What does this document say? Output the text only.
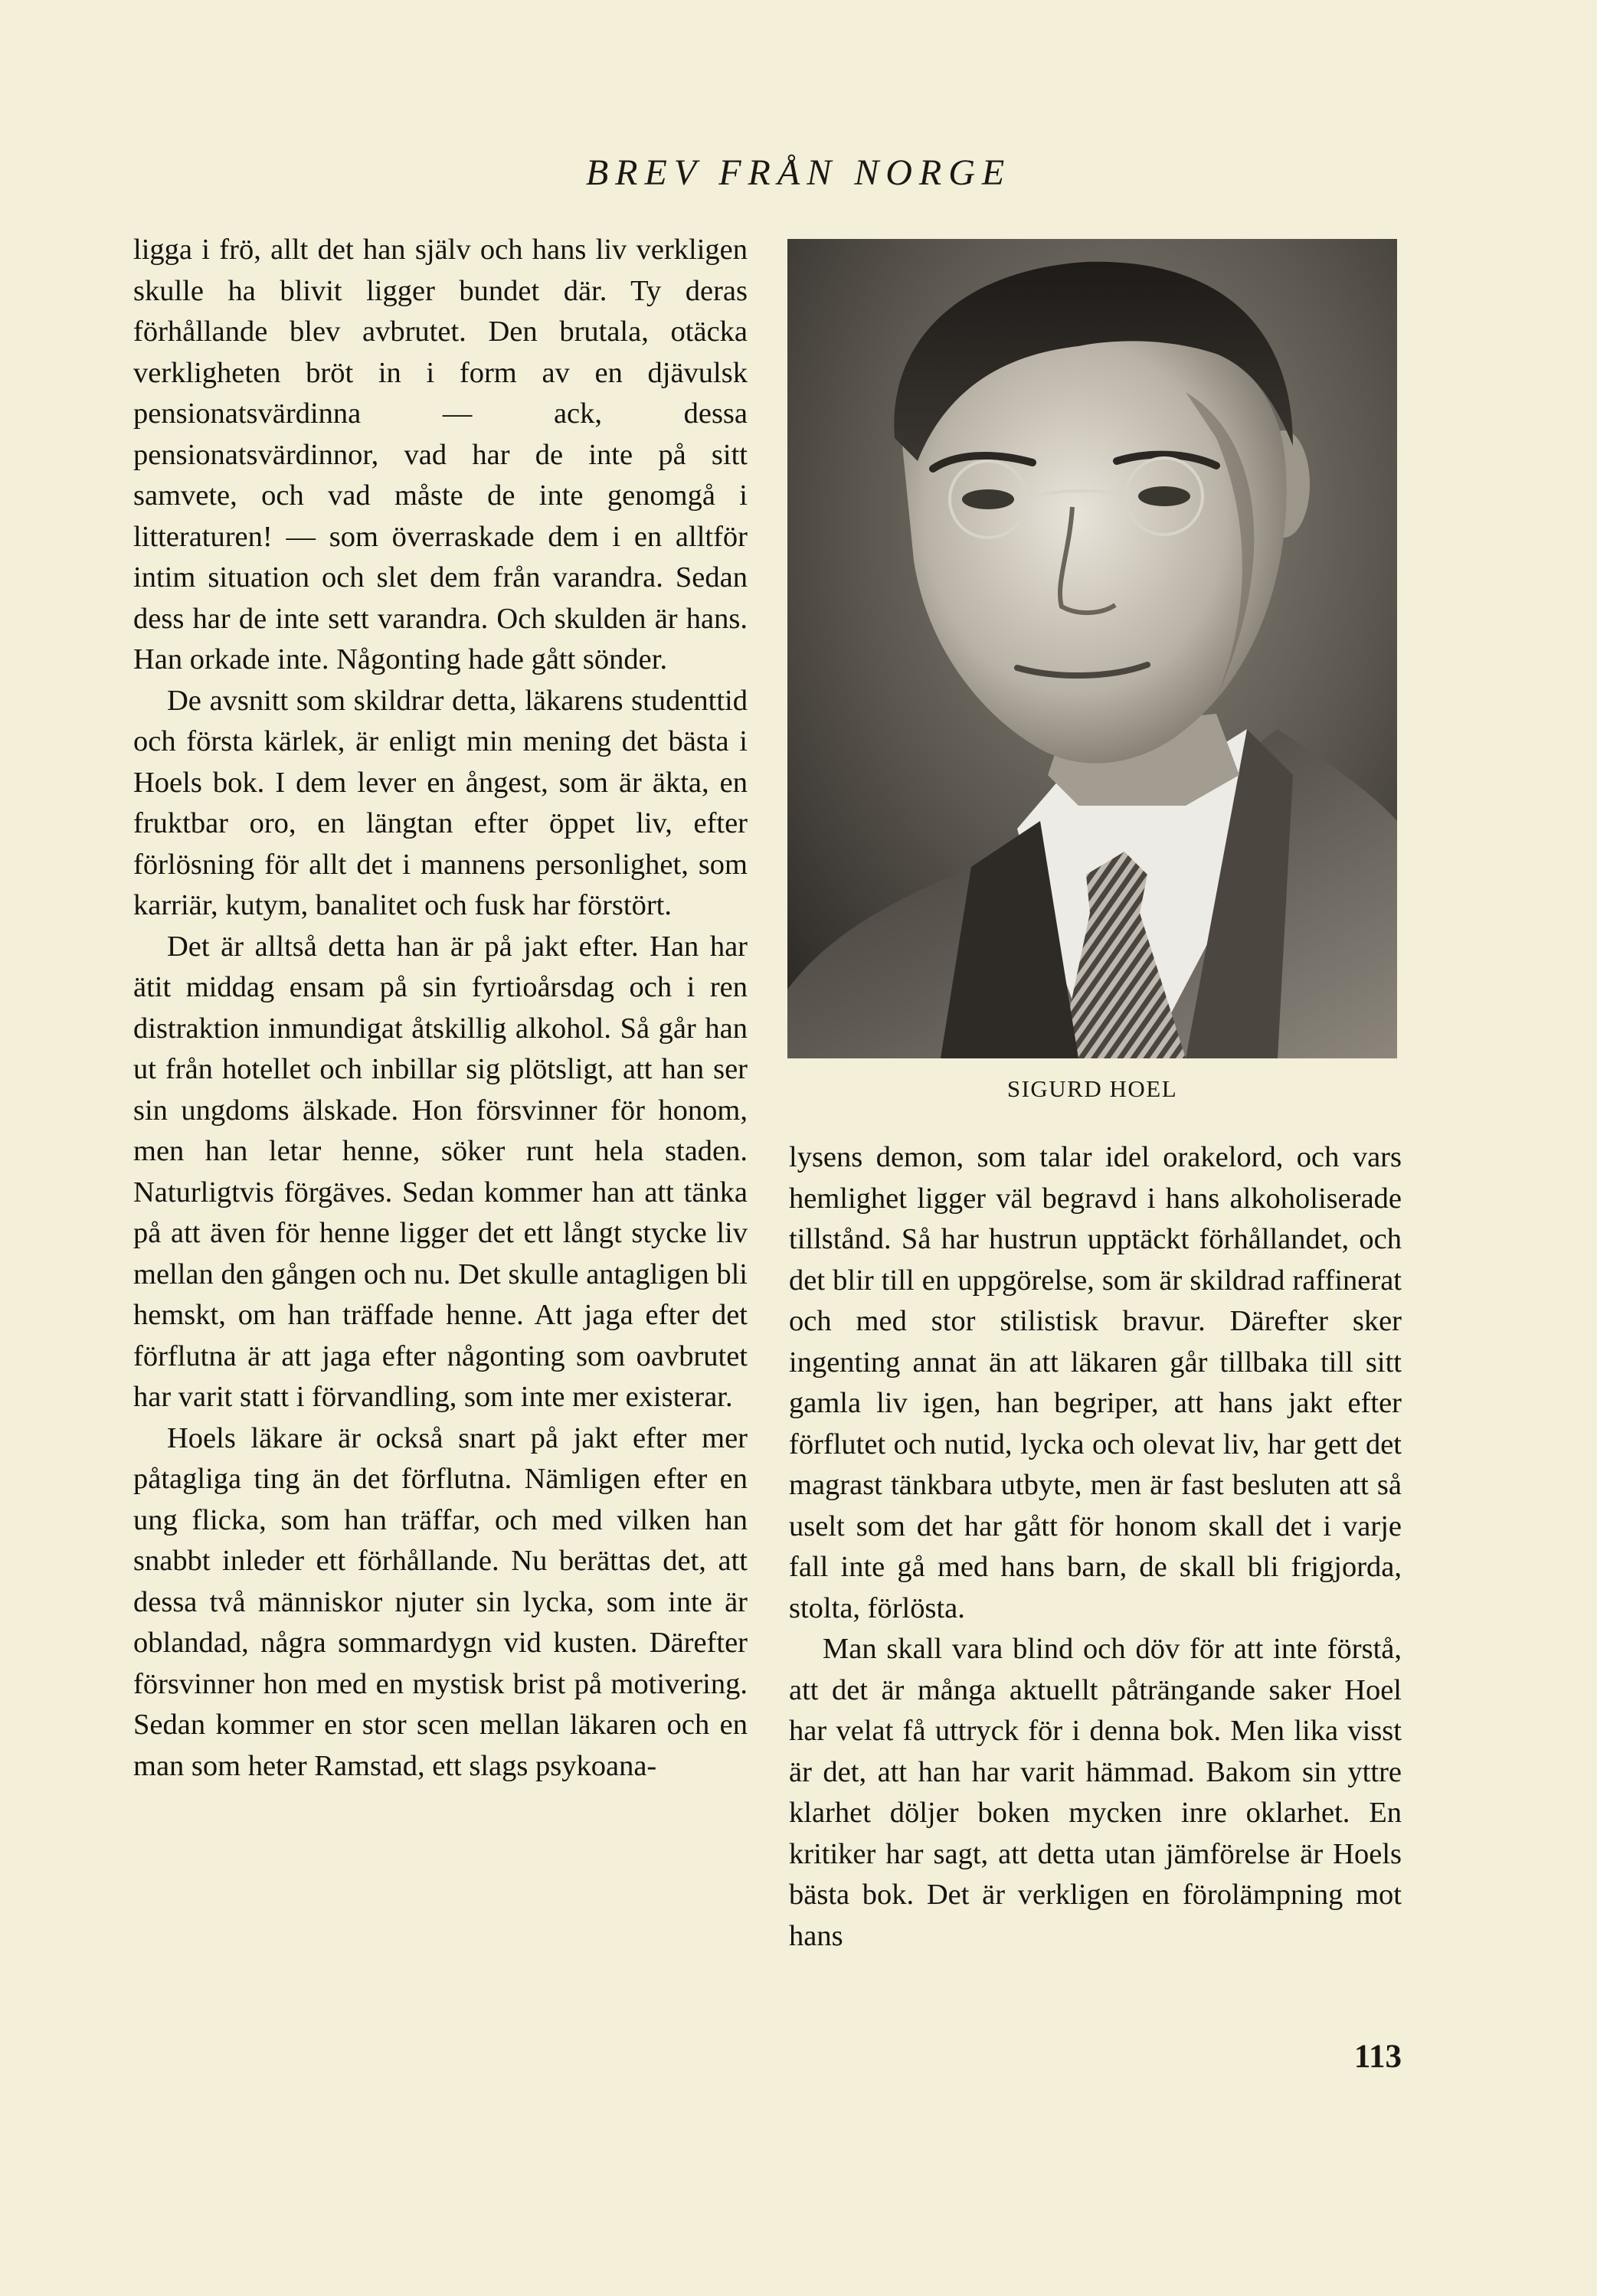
BREV FRÅN NORGE

ligga i frö, allt det han själv och hans liv verkligen skulle ha blivit ligger bundet där. Ty deras förhållande blev avbrutet. Den brutala, otäcka verkligheten bröt in i form av en djävulsk pensionatsvärdinna — ack, dessa pensionatsvärdinnor, vad har de inte på sitt samvete, och vad måste de inte genomgå i litteraturen! — som överraskade dem i en alltför intim situation och slet dem från varandra. Sedan dess har de inte sett varandra. Och skulden är hans. Han orkade inte. Någonting hade gått sönder.

De avsnitt som skildrar detta, läkarens studenttid och första kärlek, är enligt min mening det bästa i Hoels bok. I dem lever en ångest, som är äkta, en fruktbar oro, en längtan efter öppet liv, efter förlösning för allt det i mannens personlighet, som karriär, kutym, banalitet och fusk har förstört.

Det är alltså detta han är på jakt efter. Han har ätit middag ensam på sin fyrtioårsdag och i ren distraktion inmundigat åtskillig alkohol. Så går han ut från hotellet och inbillar sig plötsligt, att han ser sin ungdoms älskade. Hon försvinner för honom, men han letar henne, söker runt hela staden. Naturligtvis förgäves. Sedan kommer han att tänka på att även för henne ligger det ett långt stycke liv mellan den gången och nu. Det skulle antagligen bli hemskt, om han träffade henne. Att jaga efter det förflutna är att jaga efter någonting som oavbrutet har varit statt i förvandling, som inte mer existerar.

Hoels läkare är också snart på jakt efter mer påtagliga ting än det förflutna. Nämligen efter en ung flicka, som han träffar, och med vilken han snabbt inleder ett förhållande. Nu berättas det, att dessa två människor njuter sin lycka, som inte är oblandad, några sommardygn vid kusten. Därefter försvinner hon med en mystisk brist på motivering. Sedan kommer en stor scen mellan läkaren och en man som heter Ramstad, ett slags psykoana-

SIGURD HOEL

lysens demon, som talar idel orakelord, och vars hemlighet ligger väl begravd i hans alkoholiserade tillstånd. Så har hustrun upptäckt förhållandet, och det blir till en uppgörelse, som är skildrad raffinerat och med stor stilistisk bravur. Därefter sker ingenting annat än att läkaren går tillbaka till sitt gamla liv igen, han begriper, att hans jakt efter förflutet och nutid, lycka och olevat liv, har gett det magrast tänkbara utbyte, men är fast besluten att så uselt som det har gått för honom skall det i varje fall inte gå med hans barn, de skall bli frigjorda, stolta, förlösta.

Man skall vara blind och döv för att inte förstå, att det är många aktuellt påträngande saker Hoel har velat få uttryck för i denna bok. Men lika visst är det, att han har varit hämmad. Bakom sin yttre klarhet döljer boken mycken inre oklarhet. En kritiker har sagt, att detta utan jämförelse är Hoels bästa bok. Det är verkligen en förolämpning mot hans

113
